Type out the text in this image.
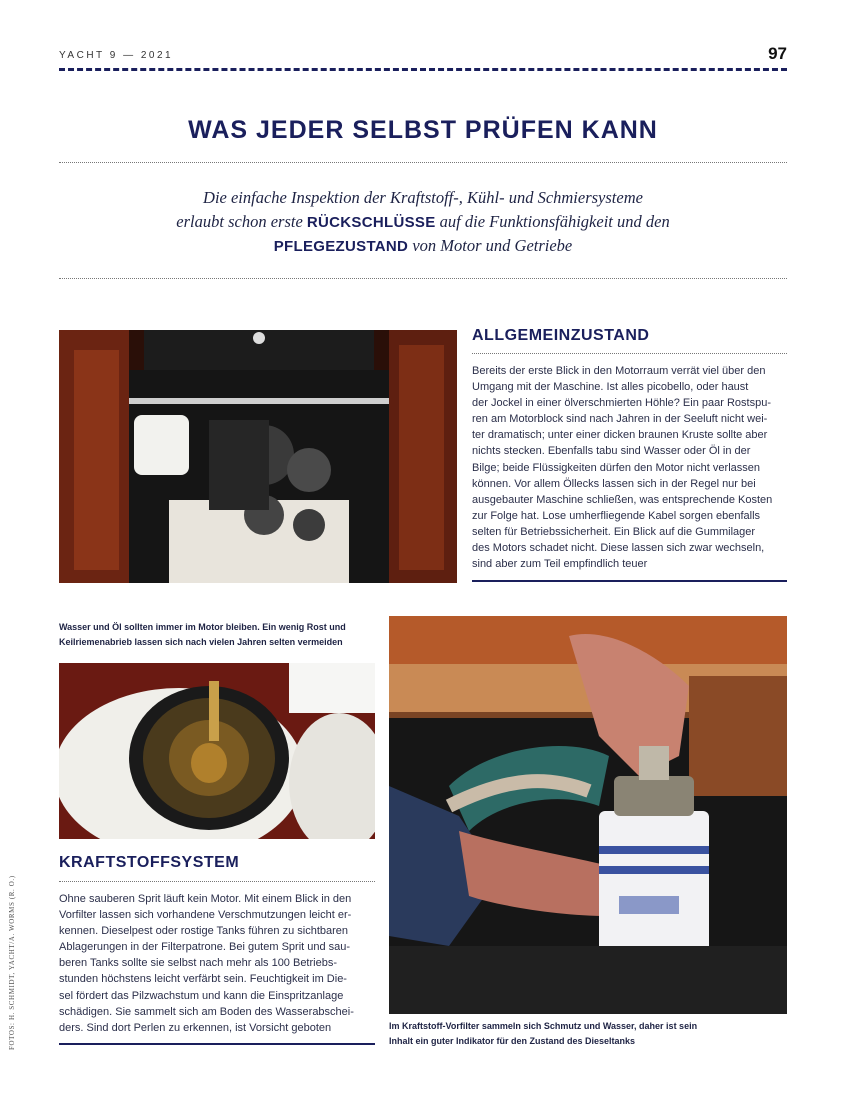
YACHT 9 — 2021	97
WAS JEDER SELBST PRÜFEN KANN
Die einfache Inspektion der Kraftstoff-, Kühl- und Schmiersysteme
erlaubt schon erste RÜCKSCHLÜSSE auf die Funktionsfähigkeit und den
PFLEGEZUSTAND von Motor und Getriebe
ALLGEMEINZUSTAND
Bereits der erste Blick in den Motorraum verrät viel über den
Umgang mit der Maschine. Ist alles picobello, oder haust
der Jockel in einer ölverschmierten Höhle? Ein paar Rostspu-
ren am Motorblock sind nach Jahren in der Seeluft nicht wei-
ter dramatisch; unter einer dicken braunen Kruste sollte aber
nichts stecken. Ebenfalls tabu sind Wasser oder Öl in der
Bilge; beide Flüssigkeiten dürfen den Motor nicht verlassen
können. Vor allem Öllecks lassen sich in der Regel nur bei
ausgebauter Maschine schließen, was entsprechende Kosten
zur Folge hat. Lose umherfliegende Kabel sorgen ebenfalls
selten für Betriebssicherheit. Ein Blick auf die Gummilager
des Motors schadet nicht. Diese lassen sich zwar wechseln,
sind aber zum Teil empfindlich teuer
Wasser und Öl sollten immer im Motor bleiben. Ein wenig Rost und
Keilriemenabrieb lassen sich nach vielen Jahren selten vermeiden
KRAFTSTOFFSYSTEM
Ohne sauberen Sprit läuft kein Motor. Mit einem Blick in den
Vorfilter lassen sich vorhandene Verschmutzungen leicht er-
kennen. Dieselpest oder rostige Tanks führen zu sichtbaren
Ablagerungen in der Filterpatrone. Bei gutem Sprit und sau-
beren Tanks sollte sie selbst nach mehr als 100 Betriebs-
stunden höchstens leicht verfärbt sein. Feuchtigkeit im Die-
sel fördert das Pilzwachstum und kann die Einspritzanlage
schädigen. Sie sammelt sich am Boden des Wasserabschei-
ders. Sind dort Perlen zu erkennen, ist Vorsicht geboten	Im Kraftstoff-Vorfilter sammeln sich Schmutz und Wasser, daher ist sein
Inhalt ein guter Indikator für den Zustand des Dieseltanks
FOTOS: H. SCHMIDT, YACHT/A. WORMS (R. O.)
